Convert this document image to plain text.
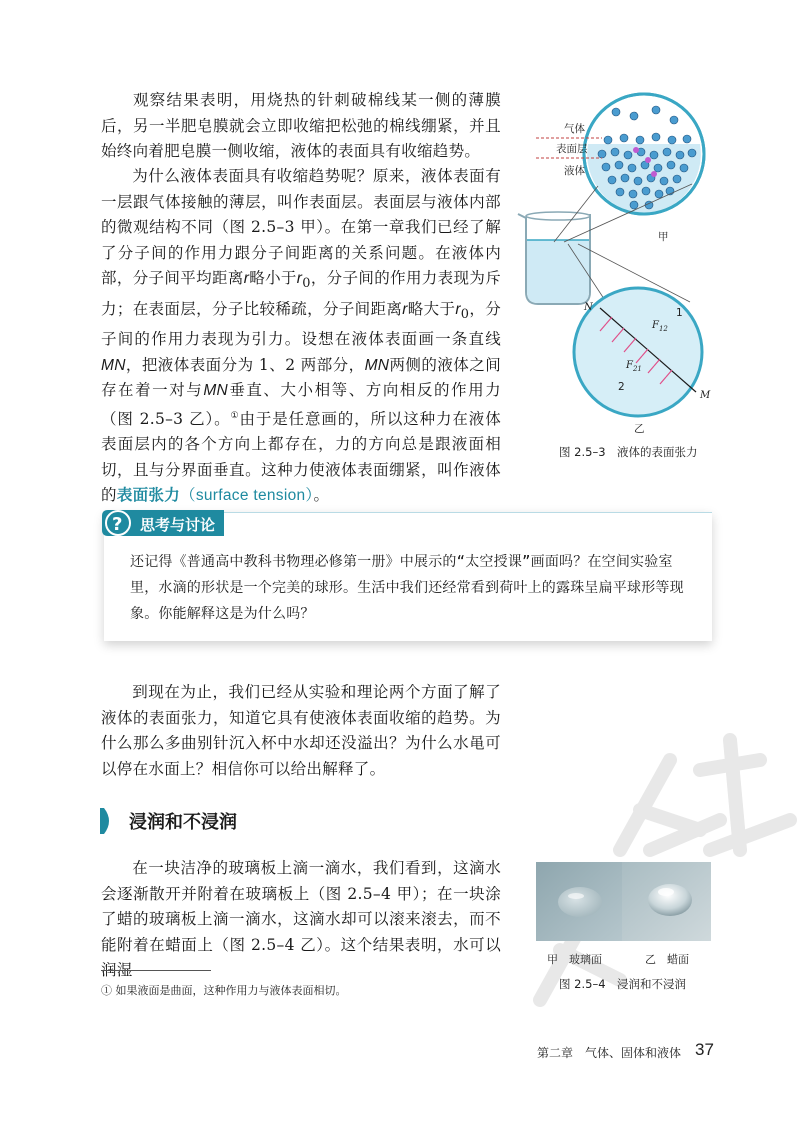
观察结果表明，用烧热的针刺破棉线某一侧的薄膜后，另一半肥皂膜就会立即收缩把松弛的棉线绷紧，并且始终向着肥皂膜一侧收缩，液体的表面具有收缩趋势。

为什么液体表面具有收缩趋势呢？原来，液体表面有一层跟气体接触的薄层，叫作表面层。表面层与液体内部的微观结构不同（图 2.5–3 甲）。在第一章我们已经了解了分子间的作用力跟分子间距离的关系问题。在液体内部，分子间平均距离r略小于$r_0$，分子间的作用力表现为斥力；在表面层，分子比较稀疏，分子间距离r略大于$r_0$，分子间的作用力表现为引力。设想在液体表面画一条直线MN，把液体表面分为 1、2 两部分，MN两侧的液体之间存在着一对与MN垂直、大小相等、方向相反的作用力（图 2.5–3 乙）。①由于是任意画的，所以这种力在液体表面层内的各个方向上都存在，力的方向总是跟液面相切，且与分界面垂直。这种力使液体表面绷紧，叫作液体的表面张力（surface tension）。

气体
表面层
液体
甲
N
M
1
2
$F_{12}$
$F_{21}$
乙
图 2.5–3　液体的表面张力

还记得《普通高中教科书物理必修第一册》中展示的“太空授课”画面吗？在空间实验室里，水滴的形状是一个完美的球形。生活中我们还经常看到荷叶上的露珠呈扁平球形等现象。你能解释这是为什么吗？

? 思考与讨论

到现在为止，我们已经从实验和理论两个方面了解了液体的表面张力，知道它具有使液体表面收缩的趋势。为什么那么多曲别针沉入杯中水却还没溢出？为什么水黾可以停在水面上？相信你可以给出解释了。

浸润和不浸润

在一块洁净的玻璃板上滴一滴水，我们看到，这滴水会逐渐散开并附着在玻璃板上（图 2.5–4 甲）；在一块涂了蜡的玻璃板上滴一滴水，这滴水却可以滚来滚去，而不能附着在蜡面上（图 2.5–4 乙）。这个结果表明，水可以润湿

甲　玻璃面	乙　蜡面
图 2.5–4　浸润和不浸润
① 如果液面是曲面，这种作用力与液体表面相切。
第二章　气体、固体和液体 37
